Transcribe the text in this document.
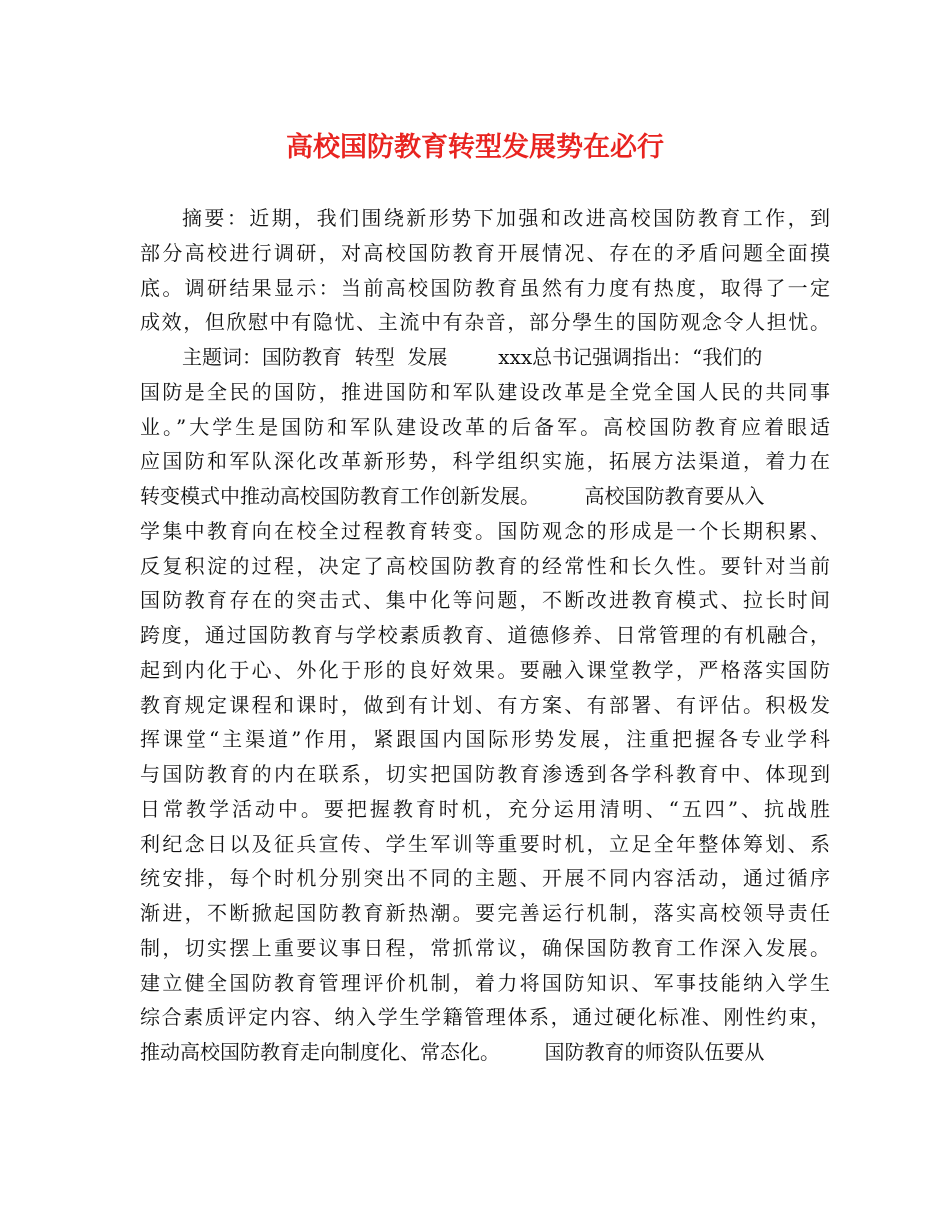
高校国防教育转型发展势在必行
摘要：近期，我们围绕新形势下加强和改进高校国防教育工作，到
部分高校进行调研，对高校国防教育开展情况、存在的矛盾问题全面摸
底。调研结果显示：当前高校国防教育虽然有力度有热度，取得了一定
成效，但欣慰中有隐忧、主流中有杂音，部分學生的国防观念令人担忧。
主题词：国防教育  转型  发展        xxx总书记强调指出：“我们的
国防是全民的国防，推进国防和军队建设改革是全党全国人民的共同事
业。”大学生是国防和军队建设改革的后备军。高校国防教育应着眼适
应国防和军队深化改革新形势，科学组织实施，拓展方法渠道，着力在
转变模式中推动高校国防教育工作创新发展。       高校国防教育要从入
学集中教育向在校全过程教育转变。国防观念的形成是一个长期积累、
反复积淀的过程，决定了高校国防教育的经常性和长久性。要针对当前
国防教育存在的突击式、集中化等问题，不断改进教育模式、拉长时间
跨度，通过国防教育与学校素质教育、道德修养、日常管理的有机融合，
起到内化于心、外化于形的良好效果。要融入课堂教学，严格落实国防
教育规定课程和课时，做到有计划、有方案、有部署、有评估。积极发
挥课堂“主渠道”作用，紧跟国内国际形势发展，注重把握各专业学科
与国防教育的内在联系，切实把国防教育渗透到各学科教育中、体现到
日常教学活动中。要把握教育时机，充分运用清明、“五四”、抗战胜
利纪念日以及征兵宣传、学生军训等重要时机，立足全年整体筹划、系
统安排，每个时机分别突出不同的主题、开展不同内容活动，通过循序
渐进，不断掀起国防教育新热潮。要完善运行机制，落实高校领导责任
制，切实摆上重要议事日程，常抓常议，确保国防教育工作深入发展。
建立健全国防教育管理评价机制，着力将国防知识、军事技能纳入学生
综合素质评定内容、纳入学生学籍管理体系，通过硬化标准、刚性约束，
推动高校国防教育走向制度化、常态化。       国防教育的师资队伍要从
